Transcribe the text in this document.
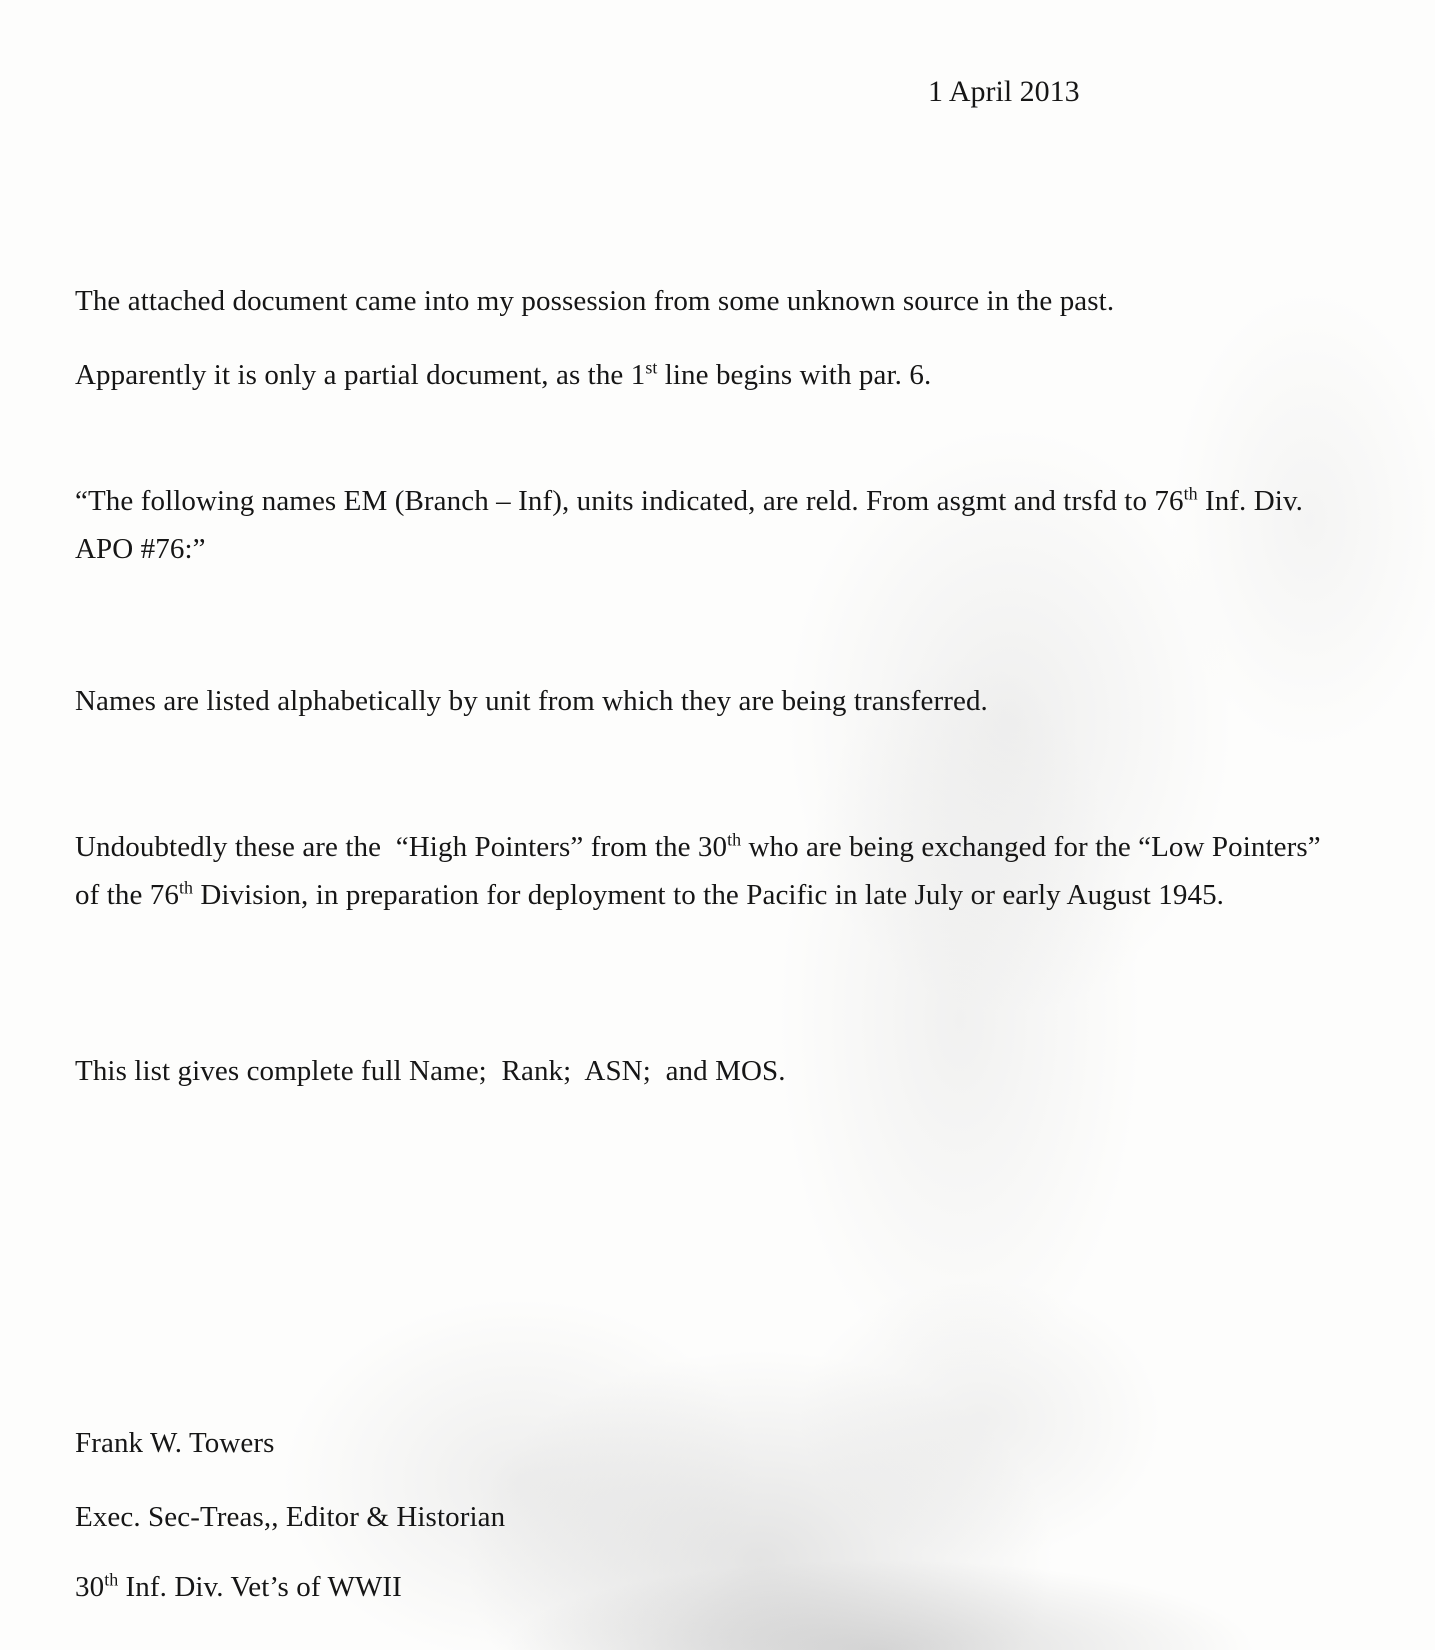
1 April 2013

The attached document came into my possession from some unknown source in the past.

Apparently it is only a partial document, as the 1st line begins with par. 6.

“The following names EM (Branch – Inf), units indicated, are reld. From asgmt and trsfd to 76th Inf. Div. APO #76:”

Names are listed alphabetically by unit from which they are being transferred.

Undoubtedly these are the  “High Pointers” from the 30th who are being exchanged for the “Low Pointers” of the 76th Division, in preparation for deployment to the Pacific in late July or early August 1945.

This list gives complete full Name;  Rank;  ASN;  and MOS.

Frank W. Towers

Exec. Sec-Treas,, Editor & Historian

30th Inf. Div. Vet’s of WWII
